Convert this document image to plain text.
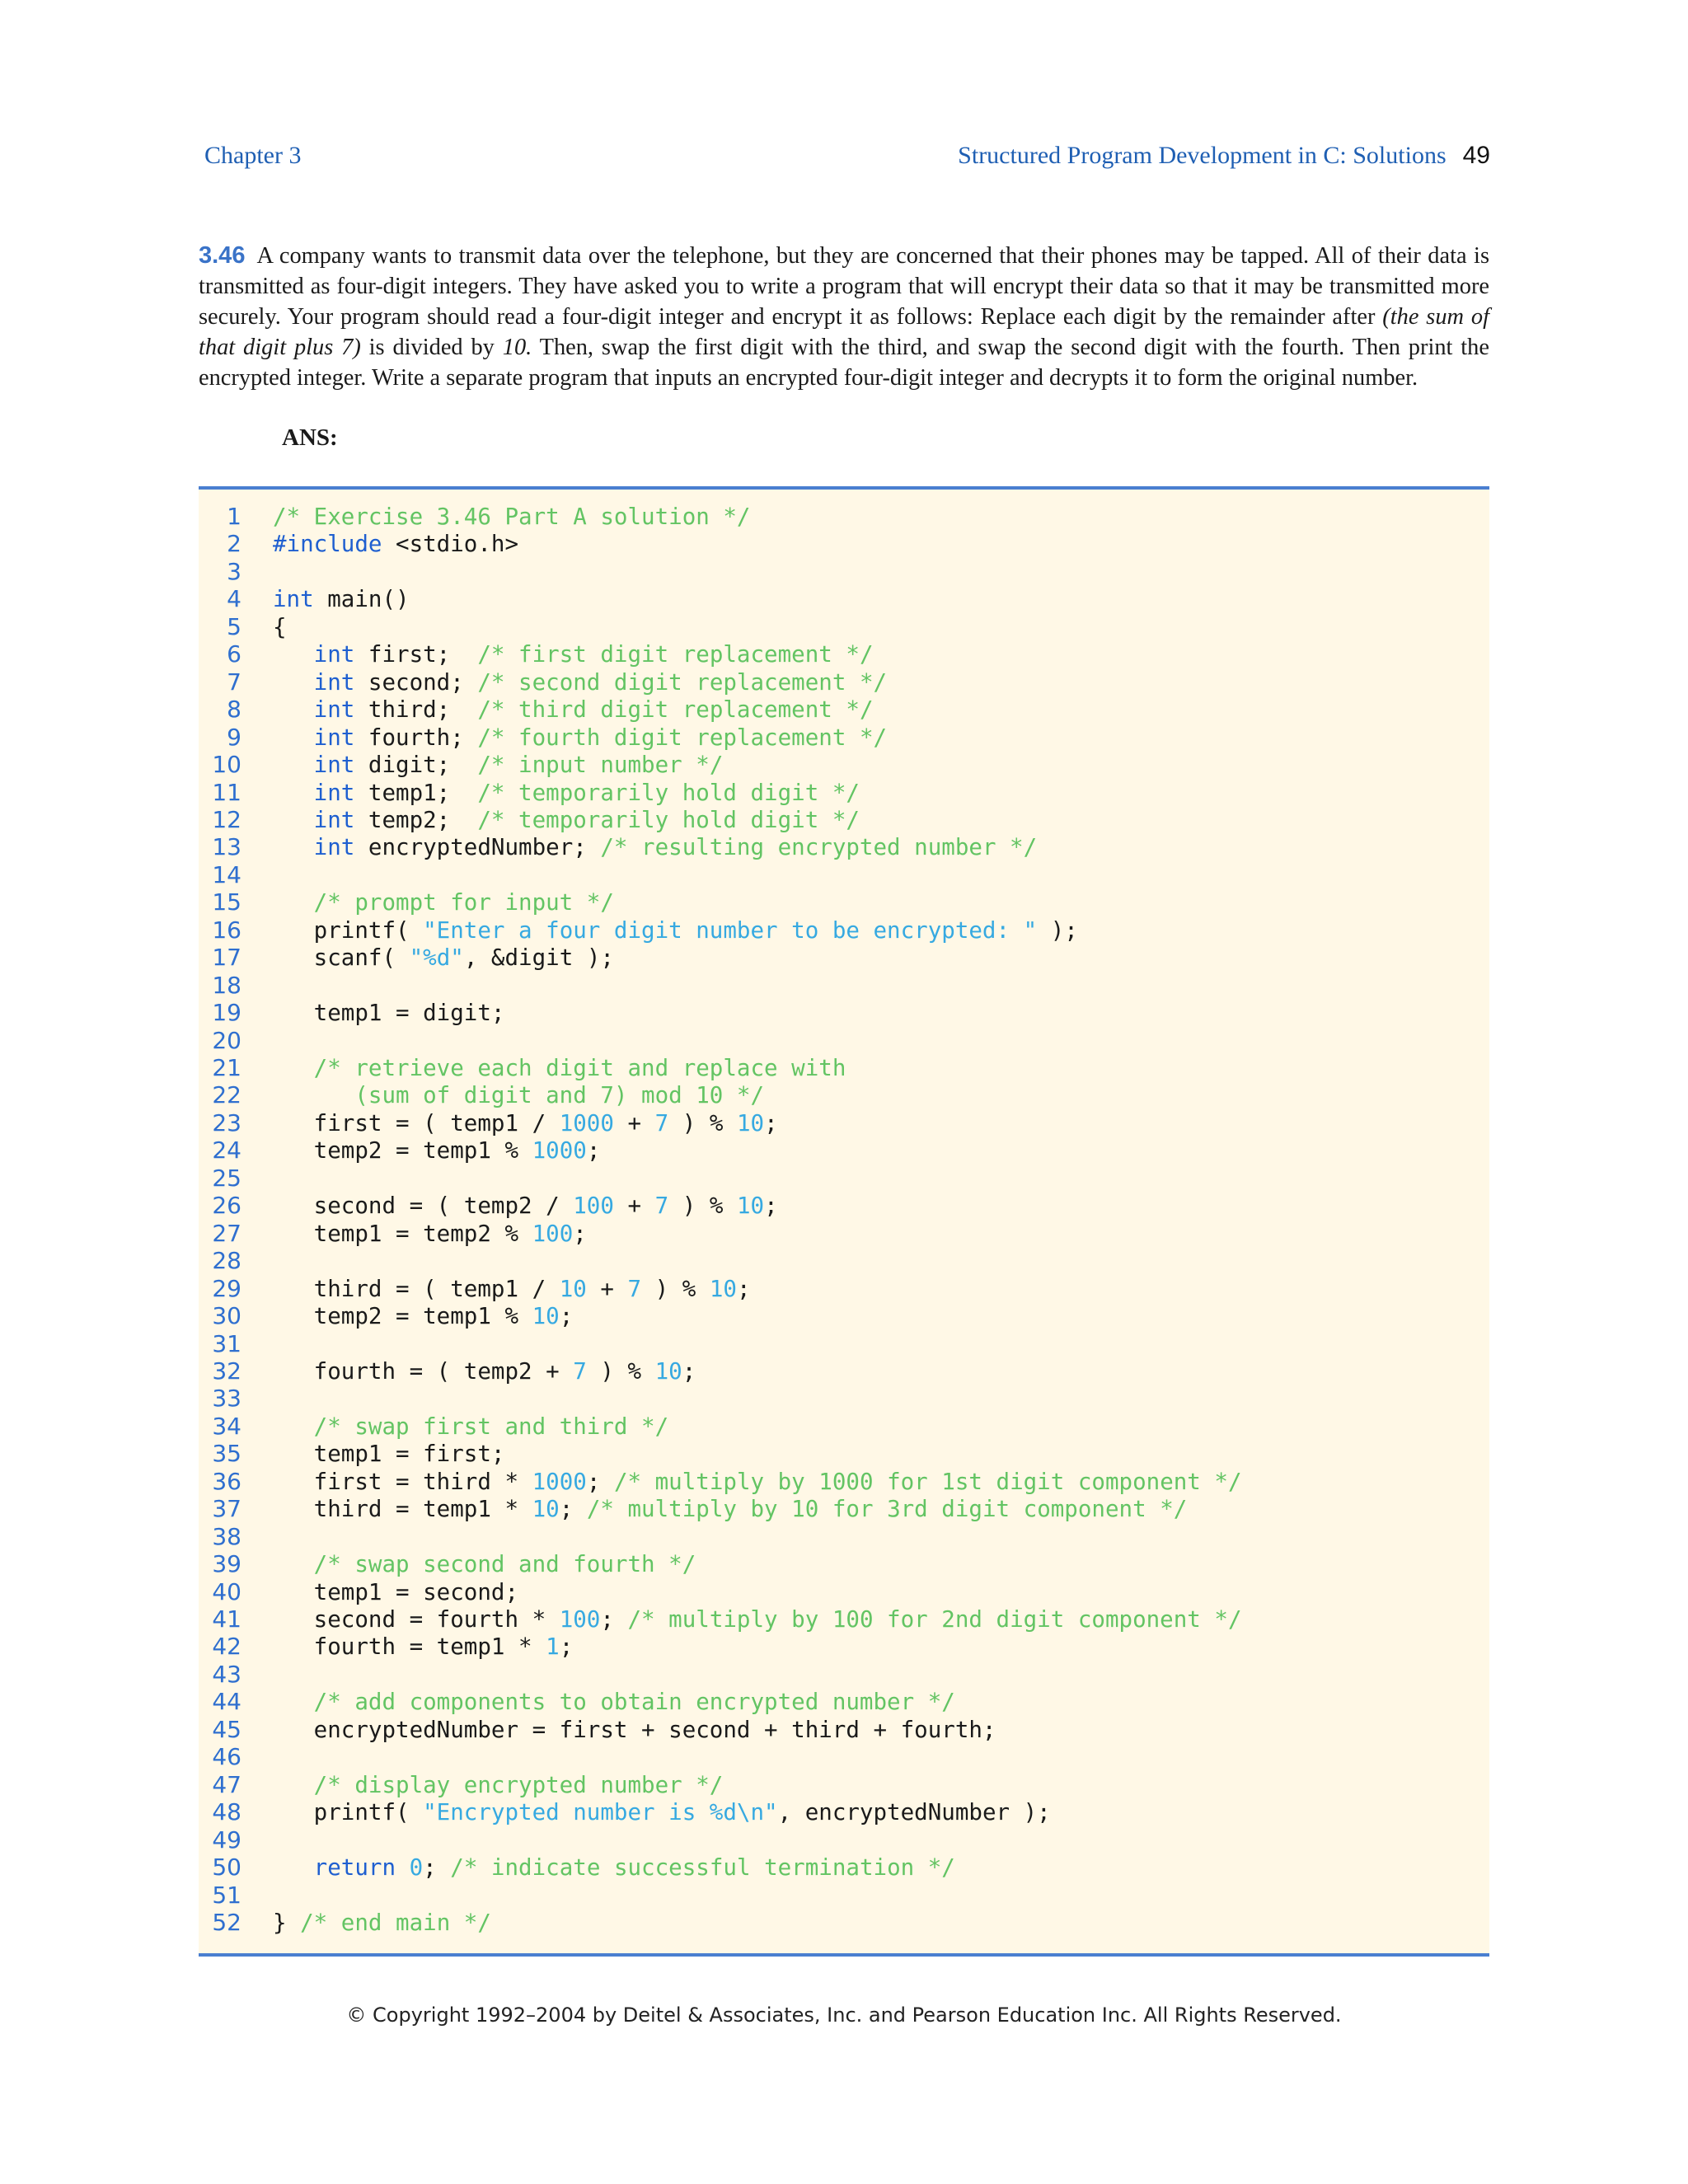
Chapter 3	Structured Program Development in C: Solutions 49
3.46 A company wants to transmit data over the telephone, but they are concerned that their phones may be tapped. All of their data is transmitted as four-digit integers. They have asked you to write a program that will encrypt their data so that it may be transmitted more securely. Your program should read a four-digit integer and encrypt it as follows: Replace each digit by the remainder after (the sum of that digit plus 7) is divided by 10. Then, swap the first digit with the third, and swap the second digit with the fourth. Then print the encrypted integer. Write a separate program that inputs an encrypted four-digit integer and decrypts it to form the original number.
ANS:
1 /* Exercise 3.46 Part A solution */
2 #include <stdio.h>
3
4 int main()
5 {
6	int first;  /* first digit replacement */
7	int second; /* second digit replacement */
8	int third;  /* third digit replacement */
9	int fourth; /* fourth digit replacement */
10	int digit;  /* input number */
11	int temp1;  /* temporarily hold digit */
12	int temp2;  /* temporarily hold digit */
13	int encryptedNumber; /* resulting encrypted number */
14
15	/* prompt for input */
16 printf( "Enter a four digit number to be encrypted: " );
17 scanf( "%d", &digit );
18
19 temp1 = digit;
20
21	/* retrieve each digit and replace with
22 (sum of digit and 7) mod 10 */
23 first = ( temp1 / 1000 + 7 ) % 10;
24 temp2 = temp1 % 1000;
25
26 second = ( temp2 / 100 + 7 ) % 10;
27 temp1 = temp2 % 100;
28
29 third = ( temp1 / 10 + 7 ) % 10;
30 temp2 = temp1 % 10;
31
32 fourth = ( temp2 + 7 ) % 10;
33
34	/* swap first and third */
35 temp1 = first;
36 first = third * 1000; /* multiply by 1000 for 1st digit component */
37 third = temp1 * 10; /* multiply by 10 for 3rd digit component */
38
39	/* swap second and fourth */
40 temp1 = second;
41 second = fourth * 100; /* multiply by 100 for 2nd digit component */
42 fourth = temp1 * 1;
43
44	/* add components to obtain encrypted number */
45 encryptedNumber = first + second + third + fourth;
46
47	/* display encrypted number */
48 printf( "Encrypted number is %d\n", encryptedNumber );
49
50	return 0; /* indicate successful termination */
51
52 } /* end main */
© Copyright 1992–2004 by Deitel & Associates, Inc. and Pearson Education Inc. All Rights Reserved.
